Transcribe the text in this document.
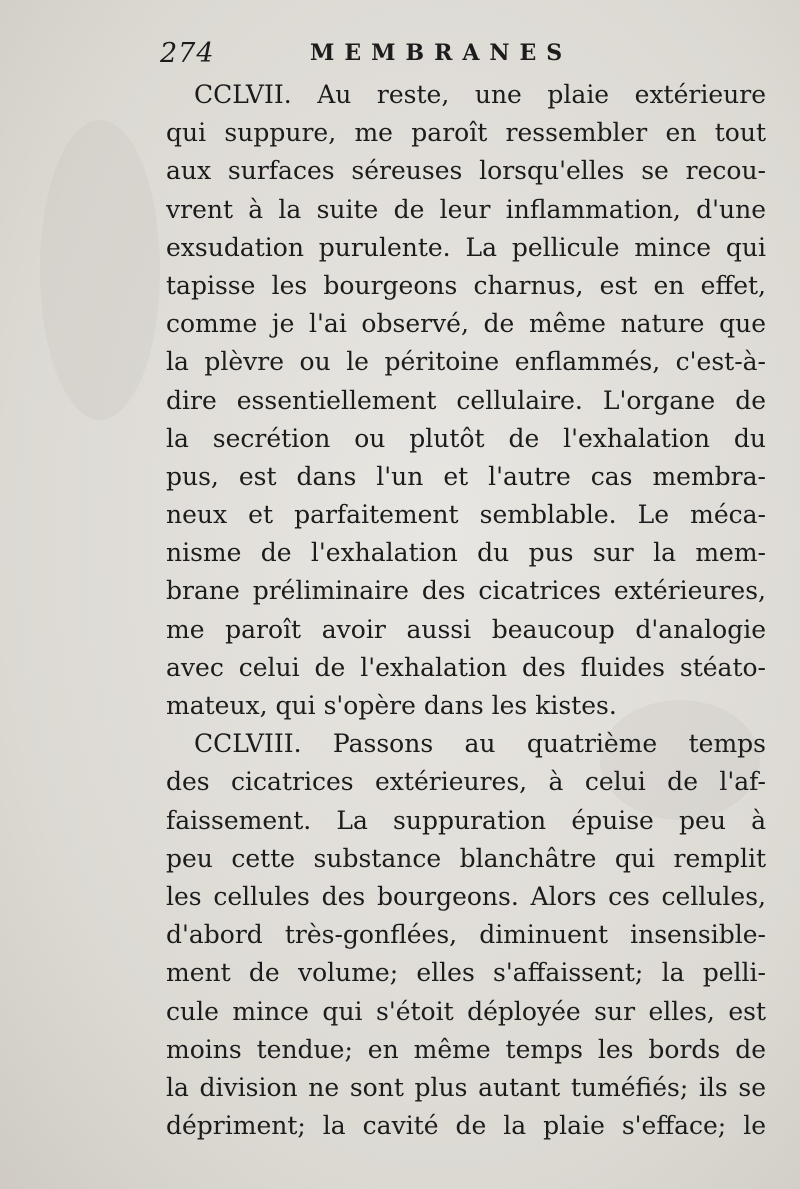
274	MEMBRANES
CCLVII. Au reste, une plaie extérieure
qui suppure, me paroît ressembler en tout
aux surfaces séreuses lorsqu'elles se recou-
vrent à la suite de leur inflammation, d'une
exsudation purulente. La pellicule mince qui
tapisse les bourgeons charnus, est en effet,
comme je l'ai observé, de même nature que
la plèvre ou le péritoine enflammés, c'est-à-
dire essentiellement cellulaire. L'organe de
la secrétion ou plutôt de l'exhalation du
pus, est dans l'un et l'autre cas membra-
neux et parfaitement semblable. Le méca-
nisme de l'exhalation du pus sur la mem-
brane préliminaire des cicatrices extérieures,
me paroît avoir aussi beaucoup d'analogie
avec celui de l'exhalation des fluides stéato-
mateux, qui s'opère dans les kistes.
CCLVIII. Passons au quatrième temps
des cicatrices extérieures, à celui de l'af-
faissement. La suppuration épuise peu à
peu cette substance blanchâtre qui remplit
les cellules des bourgeons. Alors ces cellules,
d'abord très-gonflées, diminuent insensible-
ment de volume; elles s'affaissent; la pelli-
cule mince qui s'étoit déployée sur elles, est
moins tendue; en même temps les bords de
la division ne sont plus autant tuméfiés; ils se
dépriment; la cavité de la plaie s'efface; le
